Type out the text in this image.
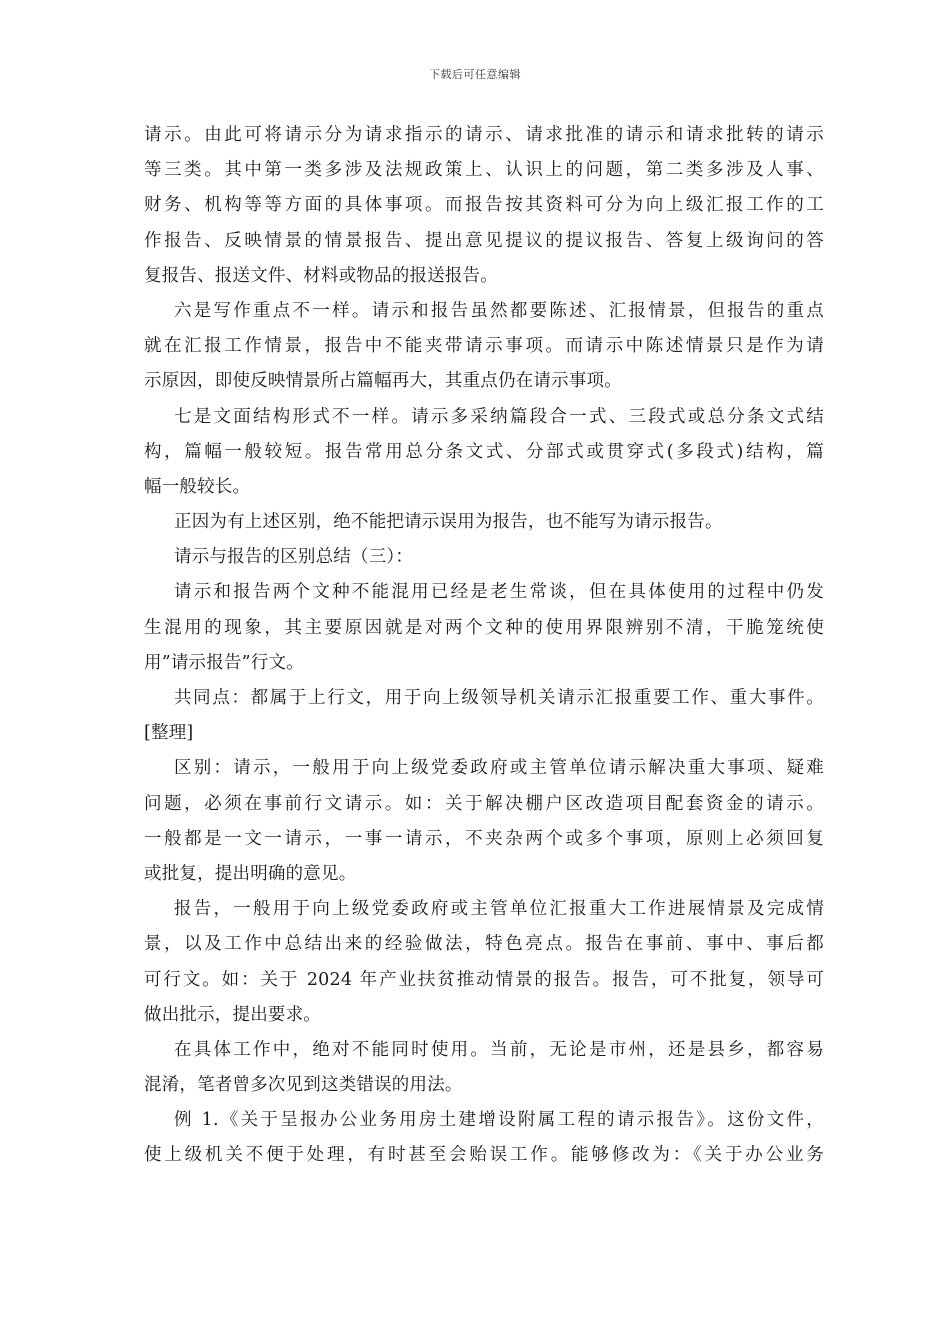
下载后可任意编辑
请示。由此可将请示分为请求指示的请示、请求批准的请示和请求批转的请示
等三类。其中第一类多涉及法规政策上、认识上的问题，第二类多涉及人事、
财务、机构等等方面的具体事项。而报告按其资料可分为向上级汇报工作的工
作报告、反映情景的情景报告、提出意见提议的提议报告、答复上级询问的答
复报告、报送文件、材料或物品的报送报告。
六是写作重点不一样。请示和报告虽然都要陈述、汇报情景，但报告的重点
就在汇报工作情景，报告中不能夹带请示事项。而请示中陈述情景只是作为请
示原因，即使反映情景所占篇幅再大，其重点仍在请示事项。
七是文面结构形式不一样。请示多采纳篇段合一式、三段式或总分条文式结
构，篇幅一般较短。报告常用总分条文式、分部式或贯穿式(多段式)结构，篇
幅一般较长。
正因为有上述区别，绝不能把请示误用为报告，也不能写为请示报告。
请示与报告的区别总结（三）：
请示和报告两个文种不能混用已经是老生常谈，但在具体使用的过程中仍发
生混用的现象，其主要原因就是对两个文种的使用界限辨别不清，干脆笼统使
用”请示报告”行文。
共同点：都属于上行文，用于向上级领导机关请示汇报重要工作、重大事件。
[整理]
区别：请示，一般用于向上级党委政府或主管单位请示解决重大事项、疑难
问题，必须在事前行文请示。如：关于解决棚户区改造项目配套资金的请示。
一般都是一文一请示，一事一请示，不夹杂两个或多个事项，原则上必须回复
或批复，提出明确的意见。
报告，一般用于向上级党委政府或主管单位汇报重大工作进展情景及完成情
景，以及工作中总结出来的经验做法，特色亮点。报告在事前、事中、事后都
可行文。如：关于 2024 年产业扶贫推动情景的报告。报告，可不批复，领导可
做出批示，提出要求。
在具体工作中，绝对不能同时使用。当前，无论是市州，还是县乡，都容易
混淆，笔者曾多次见到这类错误的用法。
例 1.《关于呈报办公业务用房土建增设附属工程的请示报告》。这份文件，
使上级机关不便于处理，有时甚至会贻误工作。能够修改为：《关于办公业务
